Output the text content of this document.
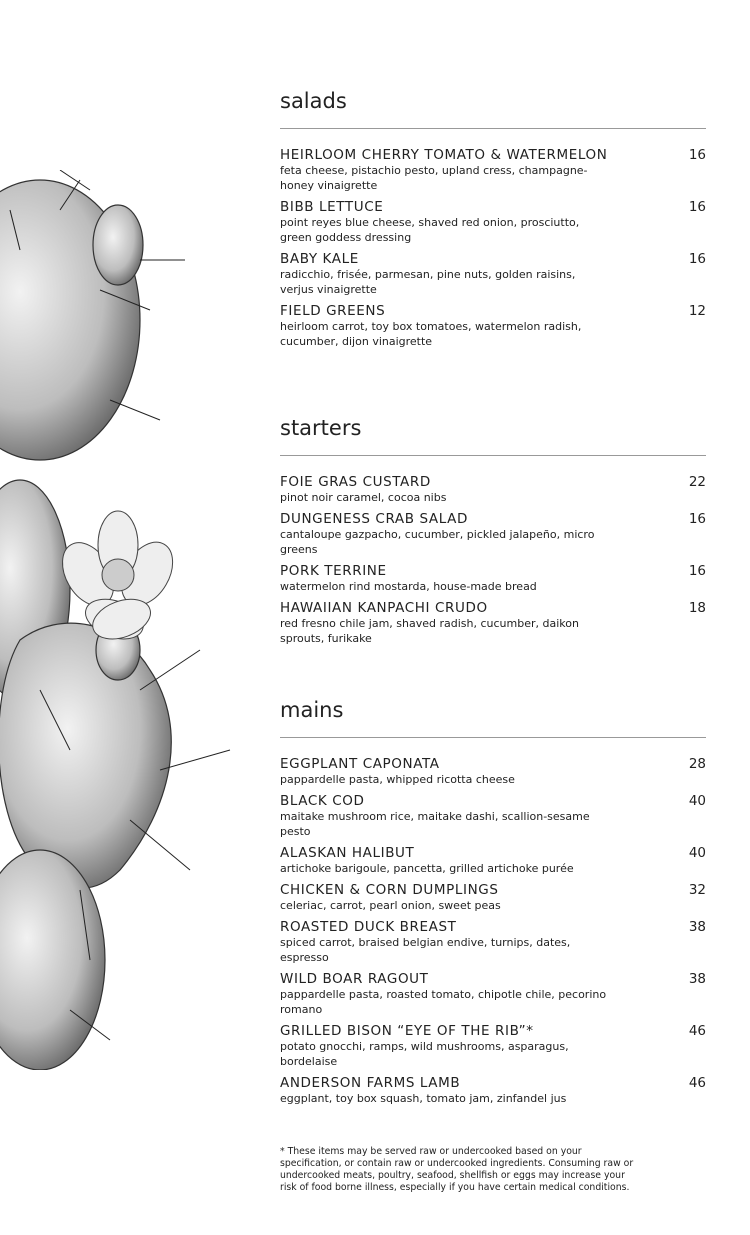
salads
HEIRLOOM CHERRY TOMATO & WATERMELON	16
feta cheese, pistachio pesto, upland cress, champagne-honey vinaigrette
BIBB LETTUCE	16
point reyes blue cheese, shaved red onion, prosciutto, green goddess dressing
BABY KALE	16
radicchio, frisée, parmesan, pine nuts, golden raisins, verjus vinaigrette
FIELD GREENS	12
heirloom carrot, toy box tomatoes, watermelon radish, cucumber, dijon vinaigrette
starters
FOIE GRAS CUSTARD	22
pinot noir caramel, cocoa nibs
DUNGENESS CRAB SALAD	16
cantaloupe gazpacho, cucumber, pickled jalapeño, micro greens
PORK TERRINE	16
watermelon rind mostarda, house-made bread
HAWAIIAN KANPACHI CRUDO	18
red fresno chile jam, shaved radish, cucumber, daikon sprouts, furikake
mains
EGGPLANT CAPONATA	28
pappardelle pasta, whipped ricotta cheese
BLACK COD	40
maitake mushroom rice, maitake dashi, scallion-sesame pesto
ALASKAN HALIBUT	40
artichoke barigoule, pancetta, grilled artichoke purée
CHICKEN & CORN DUMPLINGS	32
celeriac, carrot, pearl onion, sweet peas
ROASTED DUCK BREAST	38
spiced carrot, braised belgian endive, turnips, dates, espresso
WILD BOAR RAGOUT	38
pappardelle pasta, roasted tomato, chipotle chile, pecorino romano
GRILLED BISON “EYE OF THE RIB”*	46
potato gnocchi, ramps, wild mushrooms, asparagus, bordelaise
ANDERSON FARMS LAMB	46
eggplant, toy box squash, tomato jam, zinfandel jus
* These items may be served raw or undercooked based on your specification, or contain raw or undercooked ingredients. Consuming raw or undercooked meats, poultry, seafood, shellfish or eggs may increase your risk of food borne illness, especially if you have certain medical conditions.
